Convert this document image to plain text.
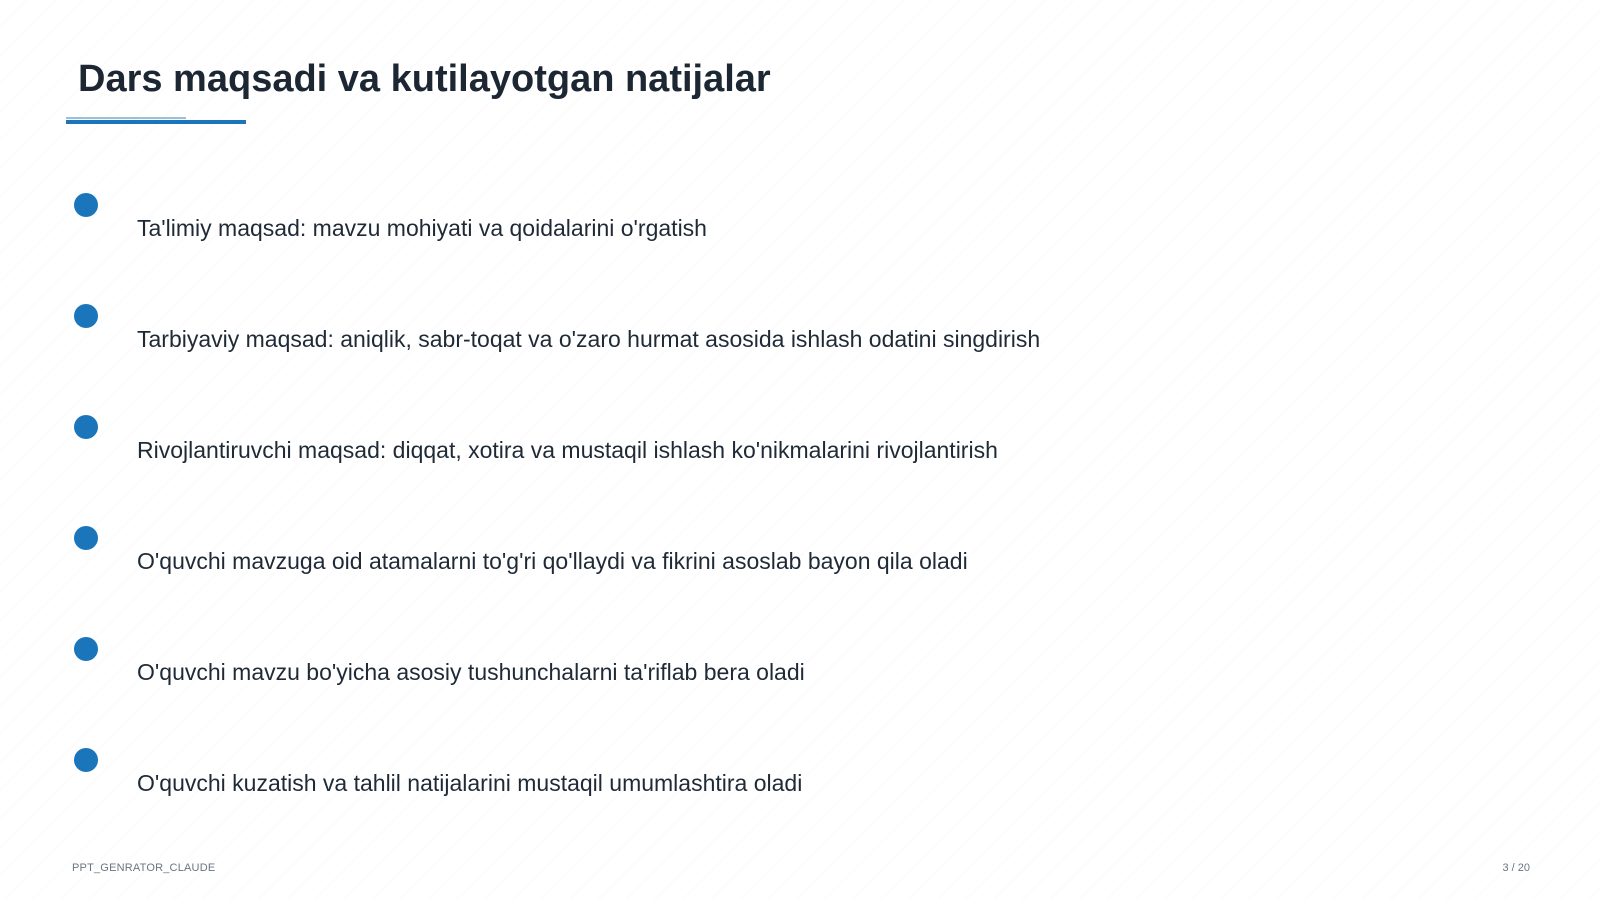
Dars maqsadi va kutilayotgan natijalar
Ta'limiy maqsad: mavzu mohiyati va qoidalarini o'rgatish
Tarbiyaviy maqsad: aniqlik, sabr-toqat va o'zaro hurmat asosida ishlash odatini singdirish
Rivojlantiruvchi maqsad: diqqat, xotira va mustaqil ishlash ko'nikmalarini rivojlantirish
O'quvchi mavzuga oid atamalarni to'g'ri qo'llaydi va fikrini asoslab bayon qila oladi
O'quvchi mavzu bo'yicha asosiy tushunchalarni ta'riflab bera oladi
O'quvchi kuzatish va tahlil natijalarini mustaqil umumlashtira oladi
PPT_GENRATOR_CLAUDE	3 / 20
